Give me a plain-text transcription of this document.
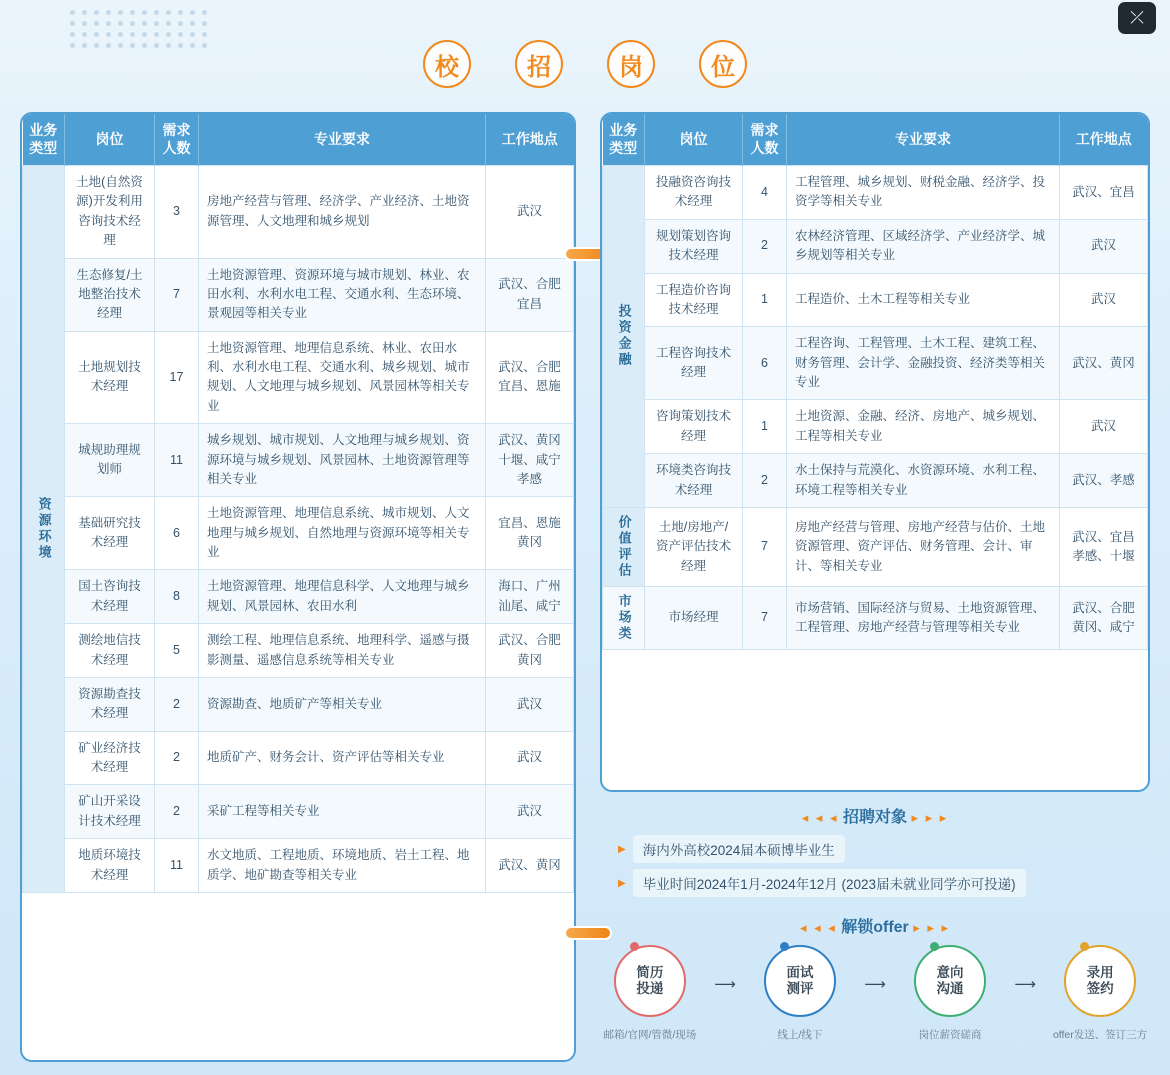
⤫
校	招	岗	位
业务类型	岗位	需求人数	专业要求	工作地点
资源环境	土地(自然资源)开发利用咨询技术经理	3	房地产经营与管理、经济学、产业经济、土地资源管理、人文地理和城乡规划	武汉
	生态修复/土地整治技术经理	7	土地资源管理、资源环境与城市规划、林业、农田水利、水利水电工程、交通水利、生态环境、景观园等相关专业	武汉、合肥宜昌
	土地规划技术经理	17	土地资源管理、地理信息系统、林业、农田水利、水利水电工程、交通水利、城乡规划、城市规划、人文地理与城乡规划、风景园林等相关专业	武汉、合肥宜昌、恩施
	城规助理规划师	11	城乡规划、城市规划、人文地理与城乡规划、资源环境与城乡规划、风景园林、土地资源管理等相关专业	武汉、黄冈十堰、咸宁孝感
	基础研究技术经理	6	土地资源管理、地理信息系统、城市规划、人文地理与城乡规划、自然地理与资源环境等相关专业	宜昌、恩施黄冈
	国土咨询技术经理	8	土地资源管理、地理信息科学、人文地理与城乡规划、风景园林、农田水利	海口、广州汕尾、咸宁
	测绘地信技术经理	5	测绘工程、地理信息系统、地理科学、遥感与摄影测量、遥感信息系统等相关专业	武汉、合肥黄冈
	资源勘查技术经理	2	资源勘查、地质矿产等相关专业	武汉
	矿业经济技术经理	2	地质矿产、财务会计、资产评估等相关专业	武汉
	矿山开采设计技术经理	2	采矿工程等相关专业	武汉
	地质环境技术经理	11	水文地质、工程地质、环境地质、岩土工程、地质学、地矿勘查等相关专业	武汉、黄冈
业务类型	岗位	需求人数	专业要求	工作地点
投资金融	投融资咨询技术经理	4	工程管理、城乡规划、财税金融、经济学、投资学等相关专业	武汉、宜昌
	规划策划咨询技术经理	2	农林经济管理、区域经济学、产业经济学、城乡规划等相关专业	武汉
	工程造价咨询技术经理	1	工程造价、土木工程等相关专业	武汉
	工程咨询技术经理	6	工程咨询、工程管理、土木工程、建筑工程、财务管理、会计学、金融投资、经济类等相关专业	武汉、黄冈
	咨询策划技术经理	1	土地资源、金融、经济、房地产、城乡规划、工程等相关专业	武汉
	环境类咨询技术经理	2	水土保持与荒漠化、水资源环境、水利工程、环境工程等相关专业	武汉、孝感
价值评估	土地/房地产/资产评估技术经理	7	房地产经营与管理、房地产经营与估价、土地资源管理、资产评估、财务管理、会计、审计、等相关专业	武汉、宜昌孝感、十堰
市场类	市场经理	7	市场营销、国际经济与贸易、土地资源管理、工程管理、房地产经营与管理等相关专业	武汉、合肥黄冈、咸宁
◂ ◂ ◂ 招聘对象 ▸ ▸ ▸
▶	海内外高校2024届本硕博毕业生
▶	毕业时间2024年1月-2024年12月 (2023届未就业同学亦可投递)
◂ ◂ ◂ 解锁offer ▸ ▸ ▸
简历
投递
邮箱/官网/管微/现场
⟶
面试
测评
线上/线下
⟶
意向
沟通
岗位薪资磋商
⟶
录用
签约
offer发送、签订三方
